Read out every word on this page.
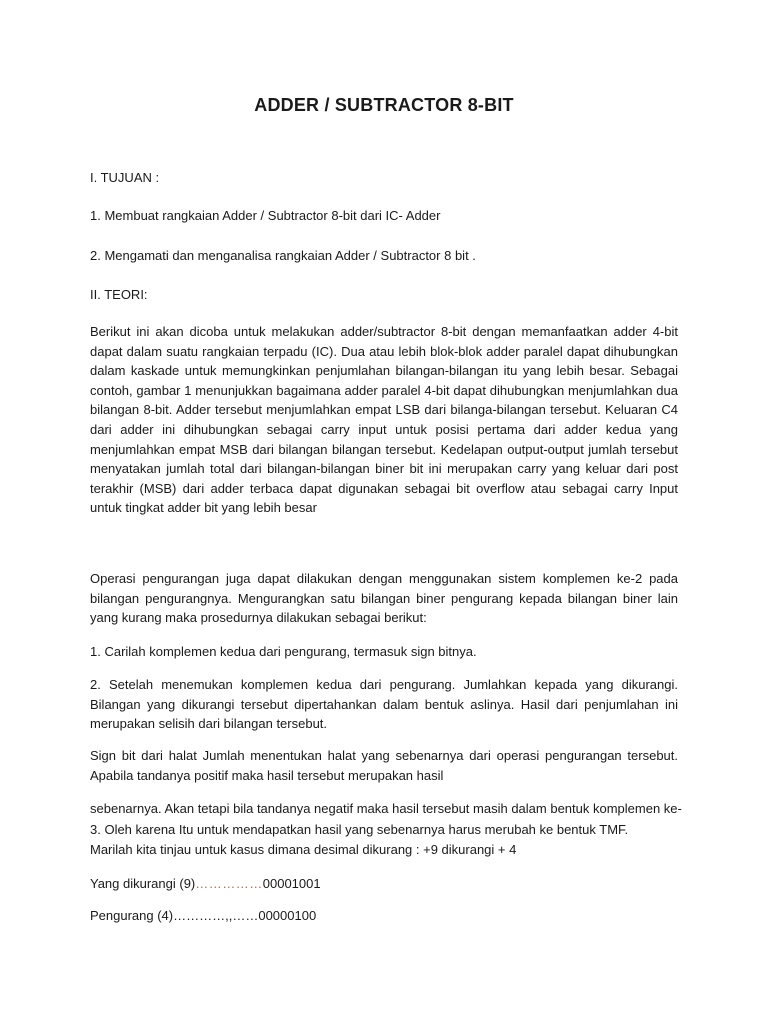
ADDER / SUBTRACTOR 8-BIT
I. TUJUAN :
1. Membuat rangkaian Adder / Subtractor 8-bit dari IC- Adder
2. Mengamati dan menganalisa rangkaian Adder / Subtractor 8 bit .
II. TEORI:
Berikut ini akan dicoba untuk melakukan adder/subtractor 8-bit dengan memanfaatkan adder 4-bit dapat dalam suatu rangkaian terpadu (IC). Dua atau lebih blok-blok adder paralel dapat dihubungkan dalam kaskade untuk memungkinkan penjumlahan bilangan-bilangan itu yang lebih besar. Sebagai contoh, gambar 1 menunjukkan bagaimana adder paralel 4-bit dapat dihubungkan menjumlahkan dua bilangan 8-bit. Adder tersebut menjumlahkan empat LSB dari bilanga-bilangan tersebut. Keluaran C4 dari adder ini dihubungkan sebagai carry input untuk posisi pertama dari adder kedua yang menjumlahkan empat MSB dari bilangan bilangan tersebut. Kedelapan output-output jumlah tersebut menyatakan jumlah total dari bilangan-bilangan biner bit ini merupakan carry yang keluar dari post terakhir (MSB) dari adder terbaca dapat digunakan sebagai bit overflow atau sebagai carry Input untuk tingkat adder bit yang lebih besar
Operasi pengurangan juga dapat dilakukan dengan menggunakan sistem komplemen ke-2 pada bilangan pengurangnya. Mengurangkan satu bilangan biner pengurang kepada bilangan biner lain yang kurang maka prosedurnya dilakukan sebagai berikut:
1. Carilah komplemen kedua dari pengurang, termasuk sign bitnya.
2. Setelah menemukan komplemen kedua dari pengurang. Jumlahkan kepada yang dikurangi. Bilangan yang dikurangi tersebut dipertahankan dalam bentuk aslinya. Hasil dari penjumlahan ini merupakan selisih dari bilangan tersebut.
Sign bit dari halat Jumlah menentukan halat yang sebenarnya dari operasi pengurangan tersebut. Apabila tandanya positif maka hasil tersebut merupakan hasil
sebenarnya. Akan tetapi bila tandanya negatif maka hasil tersebut masih dalam bentuk komplemen ke-
3. Oleh karena Itu untuk mendapatkan hasil yang sebenarnya harus merubah ke bentuk TMF.
Marilah kita tinjau untuk kasus dimana desimal dikurang : +9 dikurangi + 4
Yang dikurangi (9)……………00001001
Pengurang (4)…………,,……00000100
